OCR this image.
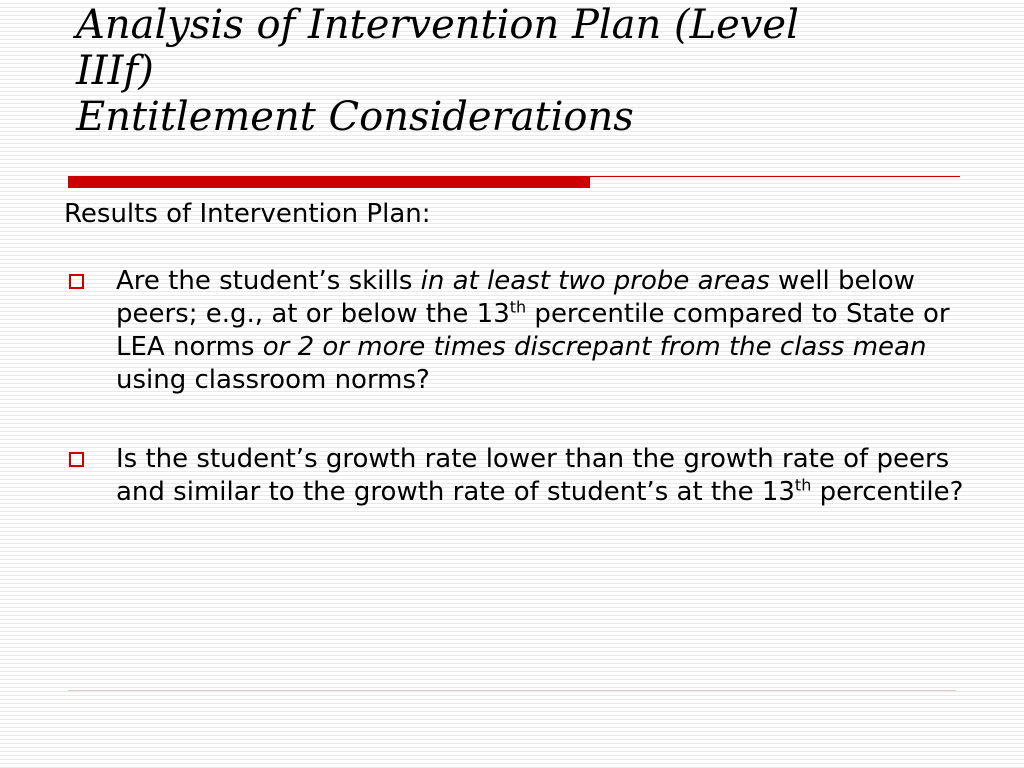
Analysis of Intervention Plan (Level
IIIf)
Entitlement Considerations

Results of Intervention Plan:

Are the student’s skills in at least two probe areas well below peers; e.g., at or below the 13th percentile compared to State or LEA norms or 2 or more times discrepant from the class mean using classroom norms?
Is the student’s growth rate lower than the growth rate of peers and similar to the growth rate of student’s at the 13th percentile?
